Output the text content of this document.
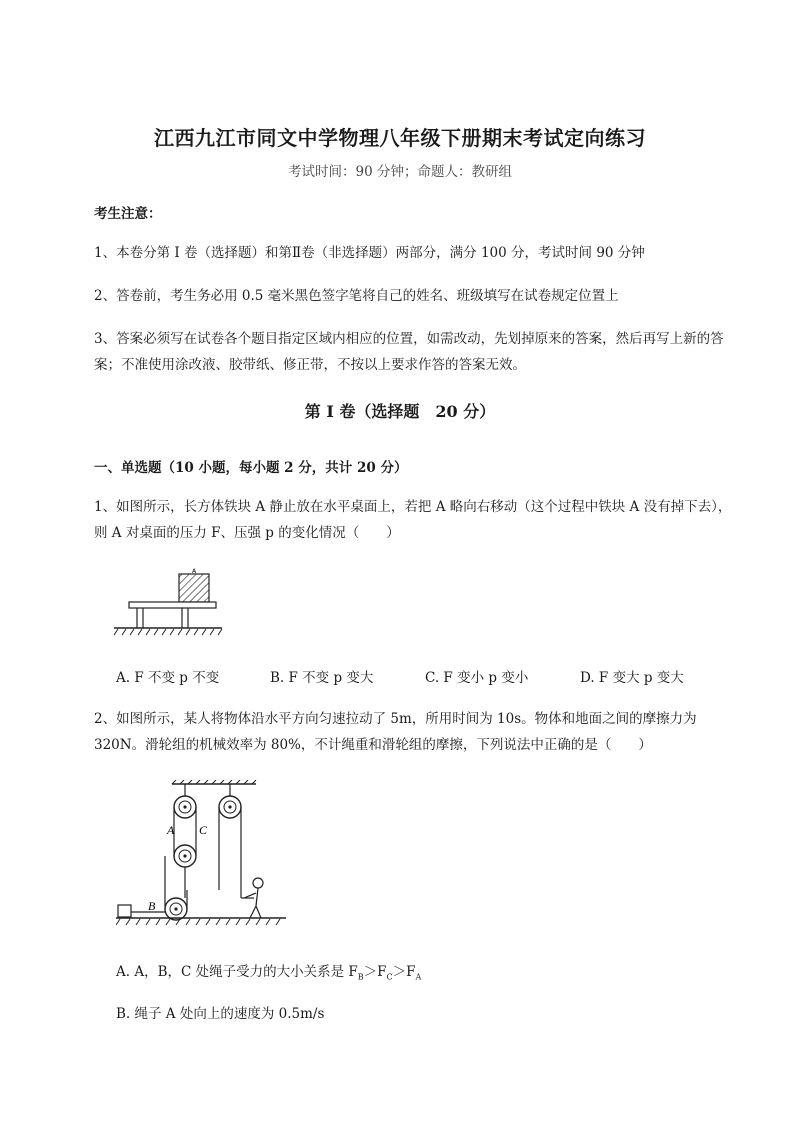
江西九江市同文中学物理八年级下册期末考试定向练习
考试时间：90 分钟；命题人：教研组
考生注意：
1、本卷分第 I 卷（选择题）和第Ⅱ卷（非选择题）两部分，满分 100 分，考试时间 90 分钟
2、答卷前，考生务必用 0.5 毫米黑色签字笔将自己的姓名、班级填写在试卷规定位置上
3、答案必须写在试卷各个题目指定区域内相应的位置，如需改动，先划掉原来的答案，然后再写上新的答案；不准使用涂改液、胶带纸、修正带，不按以上要求作答的答案无效。
第 I 卷（选择题　20 分）
一、单选题（10 小题，每小题 2 分，共计 20 分）
1、如图所示，长方体铁块 A 静止放在水平桌面上，若把 A 略向右移动（这个过程中铁块 A 没有掉下去），则 A 对桌面的压力 F、压强 p 的变化情况（　　）
A
A. F 不变 p 不变	B. F 不变 p 变大	C. F 变小 p 变小	D. F 变大 p 变大
2、如图所示，某人将物体沿水平方向匀速拉动了 5m，所用时间为 10s。物体和地面之间的摩擦力为 320N。滑轮组的机械效率为 80%，不计绳重和滑轮组的摩擦，下列说法中正确的是（　　）
A C
B
A. A，B，C 处绳子受力的大小关系是 $F_B>F_C>F_A$
B. 绳子 A 处向上的速度为 0.5m/s
